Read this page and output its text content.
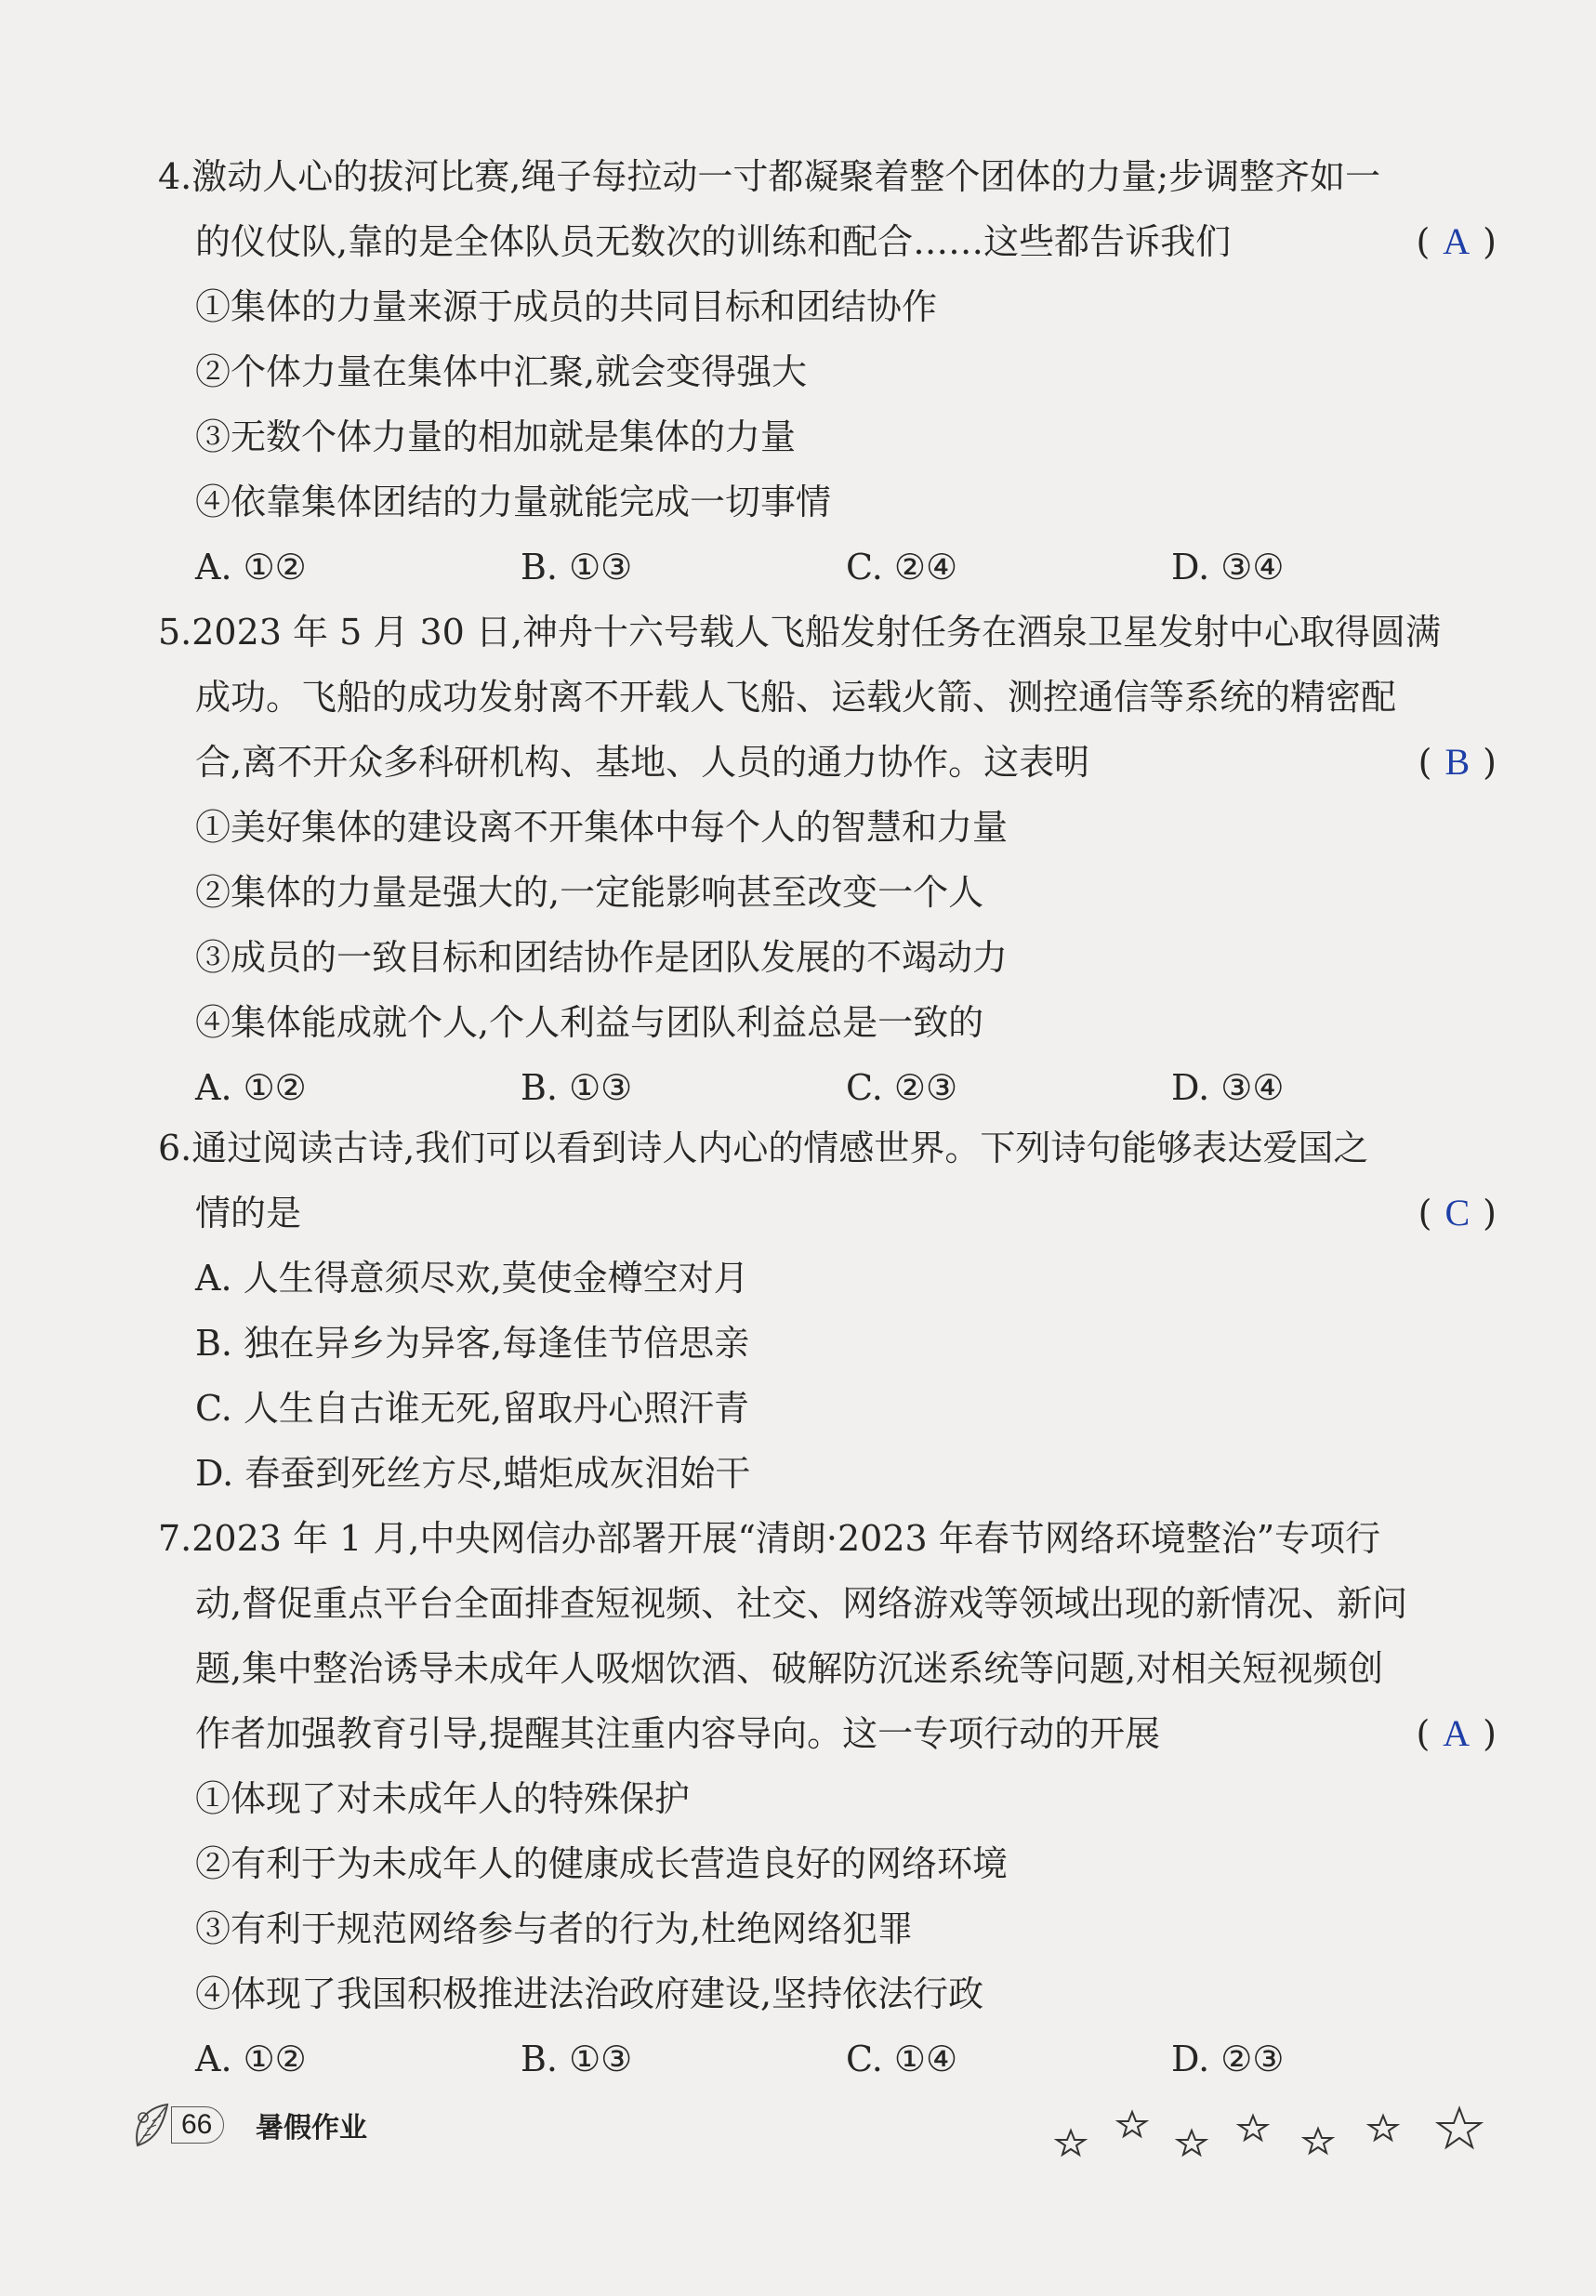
4.激动人心的拔河比赛,绳子每拉动一寸都凝聚着整个团体的力量;步调整齐如一
的仪仗队,靠的是全体队员无数次的训练和配合……这些都告诉我们	( A )
①集体的力量来源于成员的共同目标和团结协作
②个体力量在集体中汇聚,就会变得强大
③无数个体力量的相加就是集体的力量
④依靠集体团结的力量就能完成一切事情
A. ①②	B. ①③	C. ②④	D. ③④
5.2023 年 5 月 30 日,神舟十六号载人飞船发射任务在酒泉卫星发射中心取得圆满
成功。飞船的成功发射离不开载人飞船、运载火箭、测控通信等系统的精密配
合,离不开众多科研机构、基地、人员的通力协作。这表明	( B )
①美好集体的建设离不开集体中每个人的智慧和力量
②集体的力量是强大的,一定能影响甚至改变一个人
③成员的一致目标和团结协作是团队发展的不竭动力
④集体能成就个人,个人利益与团队利益总是一致的
A. ①②	B. ①③	C. ②③	D. ③④
6.通过阅读古诗,我们可以看到诗人内心的情感世界。下列诗句能够表达爱国之
情的是	( C )
A. 人生得意须尽欢,莫使金樽空对月
B. 独在异乡为异客,每逢佳节倍思亲
C. 人生自古谁无死,留取丹心照汗青
D. 春蚕到死丝方尽,蜡炬成灰泪始干
7.2023 年 1 月,中央网信办部署开展“清朗·2023 年春节网络环境整治”专项行
动,督促重点平台全面排查短视频、社交、网络游戏等领域出现的新情况、新问
题,集中整治诱导未成年人吸烟饮酒、破解防沉迷系统等问题,对相关短视频创
作者加强教育引导,提醒其注重内容导向。这一专项行动的开展	( A )
①体现了对未成年人的特殊保护
②有利于为未成年人的健康成长营造良好的网络环境
③有利于规范网络参与者的行为,杜绝网络犯罪
④体现了我国积极推进法治政府建设,坚持依法行政
A. ①②	B. ①③	C. ①④	D. ②③
66	暑假作业
